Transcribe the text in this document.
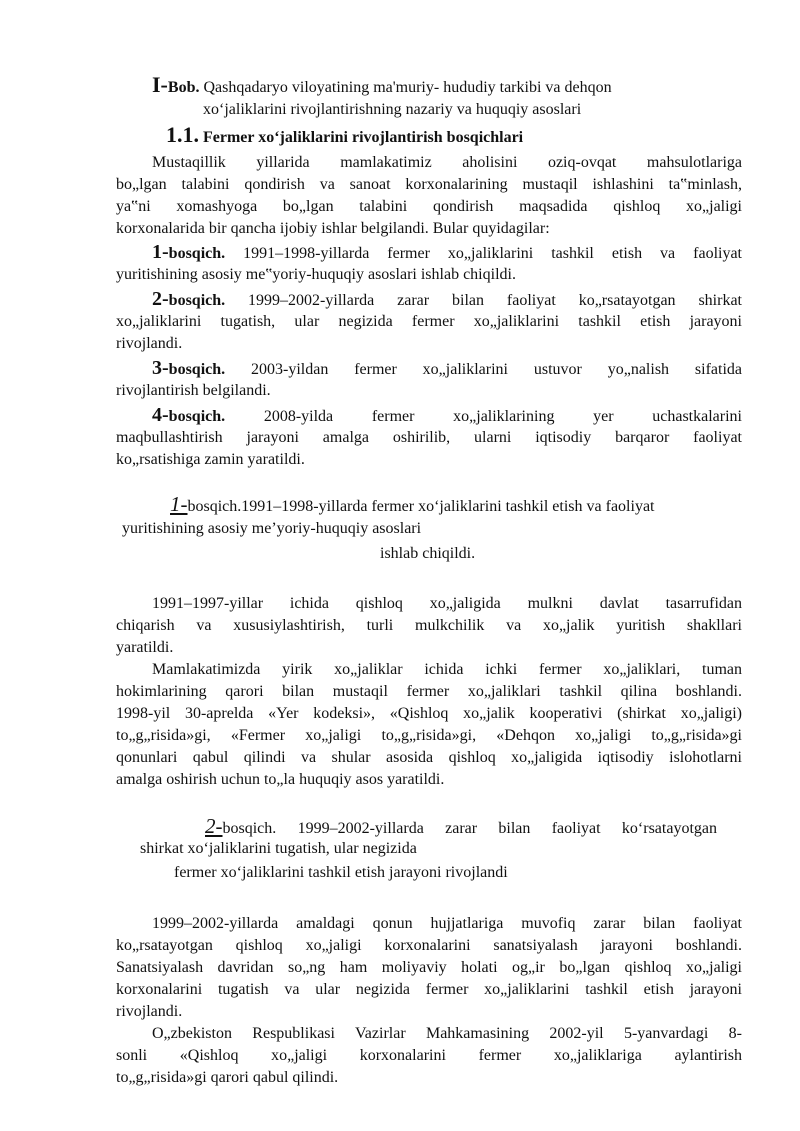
I-Bob. Qashqadaryo viloyatining ma'muriy- hududiy tarkibi va dehqon
xo‘jaliklarini rivojlantirishning nazariy va huquqiy asoslari
1.1. Fermer xo‘jaliklarini rivojlantirish bosqichlari
Mustaqillik yillarida mamlakatimiz aholisini oziq-ovqat mahsulotlariga
bo„lgan talabini qondirish va sanoat korxonalarining mustaqil ishlashini ta‟minlash,
ya‟ni xomashyoga bo„lgan talabini qondirish maqsadida qishloq xo„jaligi
korxonalarida bir qancha ijobiy ishlar belgilandi. Bular quyidagilar:
1-bosqich. 1991–1998-yillarda fermer xo„jaliklarini tashkil etish va faoliyat
yuritishining asosiy me‟yoriy-huquqiy asoslari ishlab chiqildi.
2-bosqich. 1999–2002-yillarda zarar bilan faoliyat ko„rsatayotgan shirkat
xo„jaliklarini tugatish, ular negizida fermer xo„jaliklarini tashkil etish jarayoni
rivojlandi.
3-bosqich. 2003-yildan fermer xo„jaliklarini ustuvor yo„nalish sifatida
rivojlantirish belgilandi.
4-bosqich. 2008-yilda fermer xo„jaliklarining yer uchastkalarini
maqbullashtirish jarayoni amalga oshirilib, ularni iqtisodiy barqaror faoliyat
ko„rsatishiga zamin yaratildi.
1-bosqich.1991–1998-yillarda fermer xo‘jaliklarini tashkil etish va faoliyat
yuritishining asosiy me’yoriy-huquqiy asoslari
ishlab chiqildi.
1991–1997-yillar ichida qishloq xo„jaligida mulkni davlat tasarrufidan
chiqarish va xususiylashtirish, turli mulkchilik va xo„jalik yuritish shakllari
yaratildi.
Mamlakatimizda yirik xo„jaliklar ichida ichki fermer xo„jaliklari, tuman
hokimlarining qarori bilan mustaqil fermer xo„jaliklari tashkil qilina boshlandi.
1998-yil 30-aprelda «Yer kodeksi», «Qishloq xo„jalik kooperativi (shirkat xo„jaligi)
to„g„risida»gi, «Fermer xo„jaligi to„g„risida»gi, «Dehqon xo„jaligi to„g„risida»gi
qonunlari qabul qilindi va shular asosida qishloq xo„jaligida iqtisodiy islohotlarni
amalga oshirish uchun to„la huquqiy asos yaratildi.
2-bosqich. 1999–2002-yillarda zarar bilan faoliyat ko‘rsatayotgan
shirkat xo‘jaliklarini tugatish, ular negizida
fermer xo‘jaliklarini tashkil etish jarayoni rivojlandi
1999–2002-yillarda amaldagi qonun hujjatlariga muvofiq zarar bilan faoliyat
ko„rsatayotgan qishloq xo„jaligi korxonalarini sanatsiyalash jarayoni boshlandi.
Sanatsiyalash davridan so„ng ham moliyaviy holati og„ir bo„lgan qishloq xo„jaligi
korxonalarini tugatish va ular negizida fermer xo„jaliklarini tashkil etish jarayoni
rivojlandi.
O„zbekiston Respublikasi Vazirlar Mahkamasining 2002-yil 5-yanvardagi 8-
sonli «Qishloq xo„jaligi korxonalarini fermer xo„jaliklariga aylantirish
to„g„risida»gi qarori qabul qilindi.
